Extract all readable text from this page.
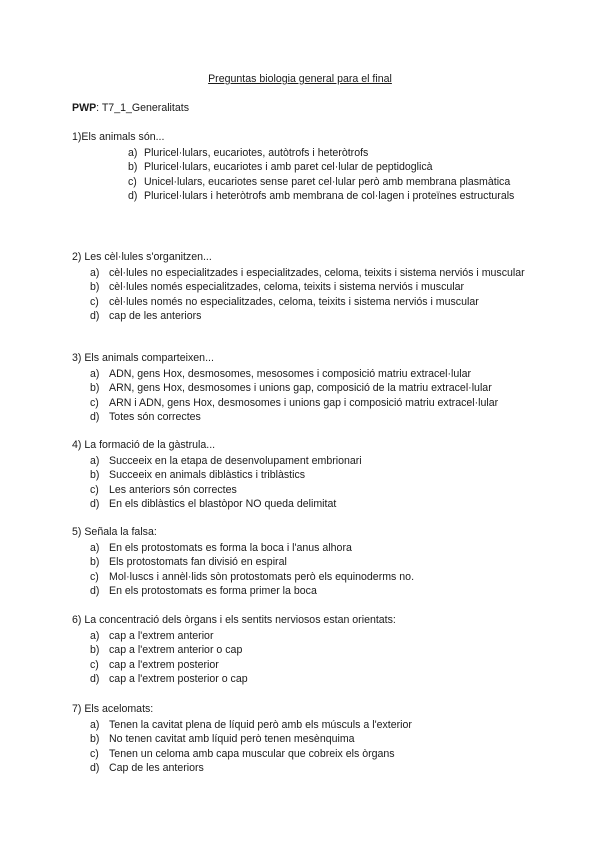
Preguntas biologia general para el final
PWP: T7_1_Generalitats
1)Els animals són...
a) Pluricel·lulars, eucariotes, autòtrofs i heteròtrofs
b) Pluricel·lulars, eucariotes i amb paret cel·lular de peptidoglicà
c) Unicel·lulars, eucariotes sense paret cel·lular però amb membrana plasmàtica
d) Pluricel·lulars i heteròtrofs amb membrana de col·lagen i proteïnes estructurals
2) Les cèl·lules s'organitzen...
a) cèl·lules no especialitzades i especialitzades, celoma, teixits i sistema nerviós i muscular
b) cèl·lules només especialitzades, celoma, teixits i sistema nerviós i muscular
c) cèl·lules només no especialitzades, celoma, teixits i sistema nerviós i muscular
d) cap de les anteriors
3) Els animals comparteixen...
a) ADN, gens Hox, desmosomes, mesosomes i composició matriu extracel·lular
b) ARN, gens Hox, desmosomes i unions gap, composició de la matriu extracel·lular
c) ARN i ADN, gens Hox, desmosomes i unions gap i composició matriu extracel·lular
d) Totes són correctes
4) La formació de la gàstrula...
a) Succeeix en la etapa de desenvolupament embrionari
b) Succeeix en animals diblàstics i triblàstics
c) Les anteriors són correctes
d) En els diblàstics el blastòpor NO queda delimitat
5) Señala la falsa:
a) En els protostomats es forma la boca i l'anus alhora
b) Els protostomats fan divisió en espiral
c) Mol·luscs i annèl·lids sòn protostomats però els equinoderms no.
d) En els protostomats es forma primer la boca
6) La concentració dels òrgans i els sentits nerviosos estan orientats:
a) cap a l'extrem anterior
b) cap a l'extrem anterior o cap
c) cap a l'extrem posterior
d) cap a l'extrem posterior o cap
7) Els acelomats:
a) Tenen la cavitat plena de líquid però amb els músculs a l'exterior
b) No tenen cavitat amb líquid però tenen mesènquima
c) Tenen un celoma amb capa muscular que cobreix els òrgans
d) Cap de les anteriors
